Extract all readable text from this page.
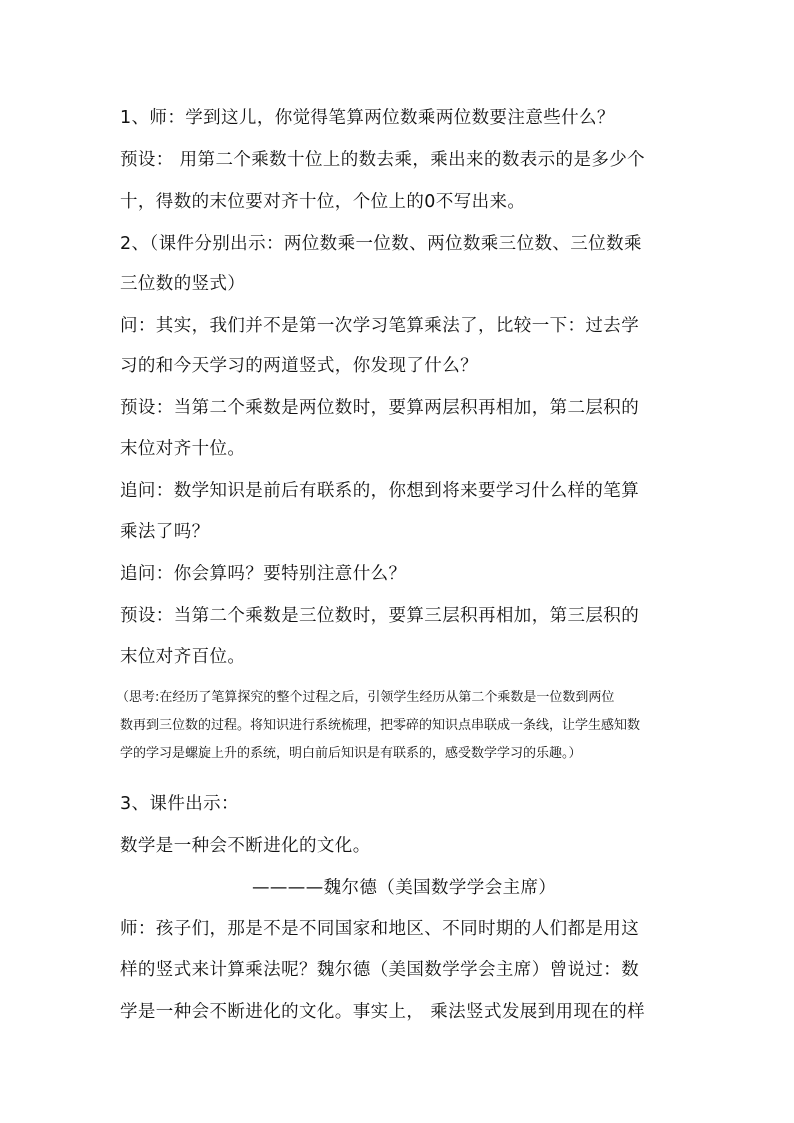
1、师：学到这儿，你觉得笔算两位数乘两位数要注意些什么？
预设： 用第二个乘数十位上的数去乘，乘出来的数表示的是多少个
十，得数的末位要对齐十位，个位上的0不写出来。
2、（课件分别出示：两位数乘一位数、两位数乘三位数、三位数乘
三位数的竖式）
问：其实，我们并不是第一次学习笔算乘法了，比较一下：过去学
习的和今天学习的两道竖式，你发现了什么？
预设：当第二个乘数是两位数时，要算两层积再相加，第二层积的
末位对齐十位。
追问：数学知识是前后有联系的，你想到将来要学习什么样的笔算
乘法了吗？
追问：你会算吗？要特别注意什么？
预设：当第二个乘数是三位数时，要算三层积再相加，第三层积的
末位对齐百位。
（思考:在经历了笔算探究的整个过程之后，引领学生经历从第二个乘数是一位数到两位
数再到三位数的过程。将知识进行系统梳理，把零碎的知识点串联成一条线，让学生感知数
学的学习是螺旋上升的系统，明白前后知识是有联系的，感受数学学习的乐趣。）
3、课件出示：
数学是一种会不断进化的文化。
————魏尔德（美国数学学会主席）
师：孩子们，那是不是不同国家和地区、不同时期的人们都是用这
样的竖式来计算乘法呢？魏尔德（美国数学学会主席）曾说过：数
学是一种会不断进化的文化。事实上， 乘法竖式发展到用现在的样
